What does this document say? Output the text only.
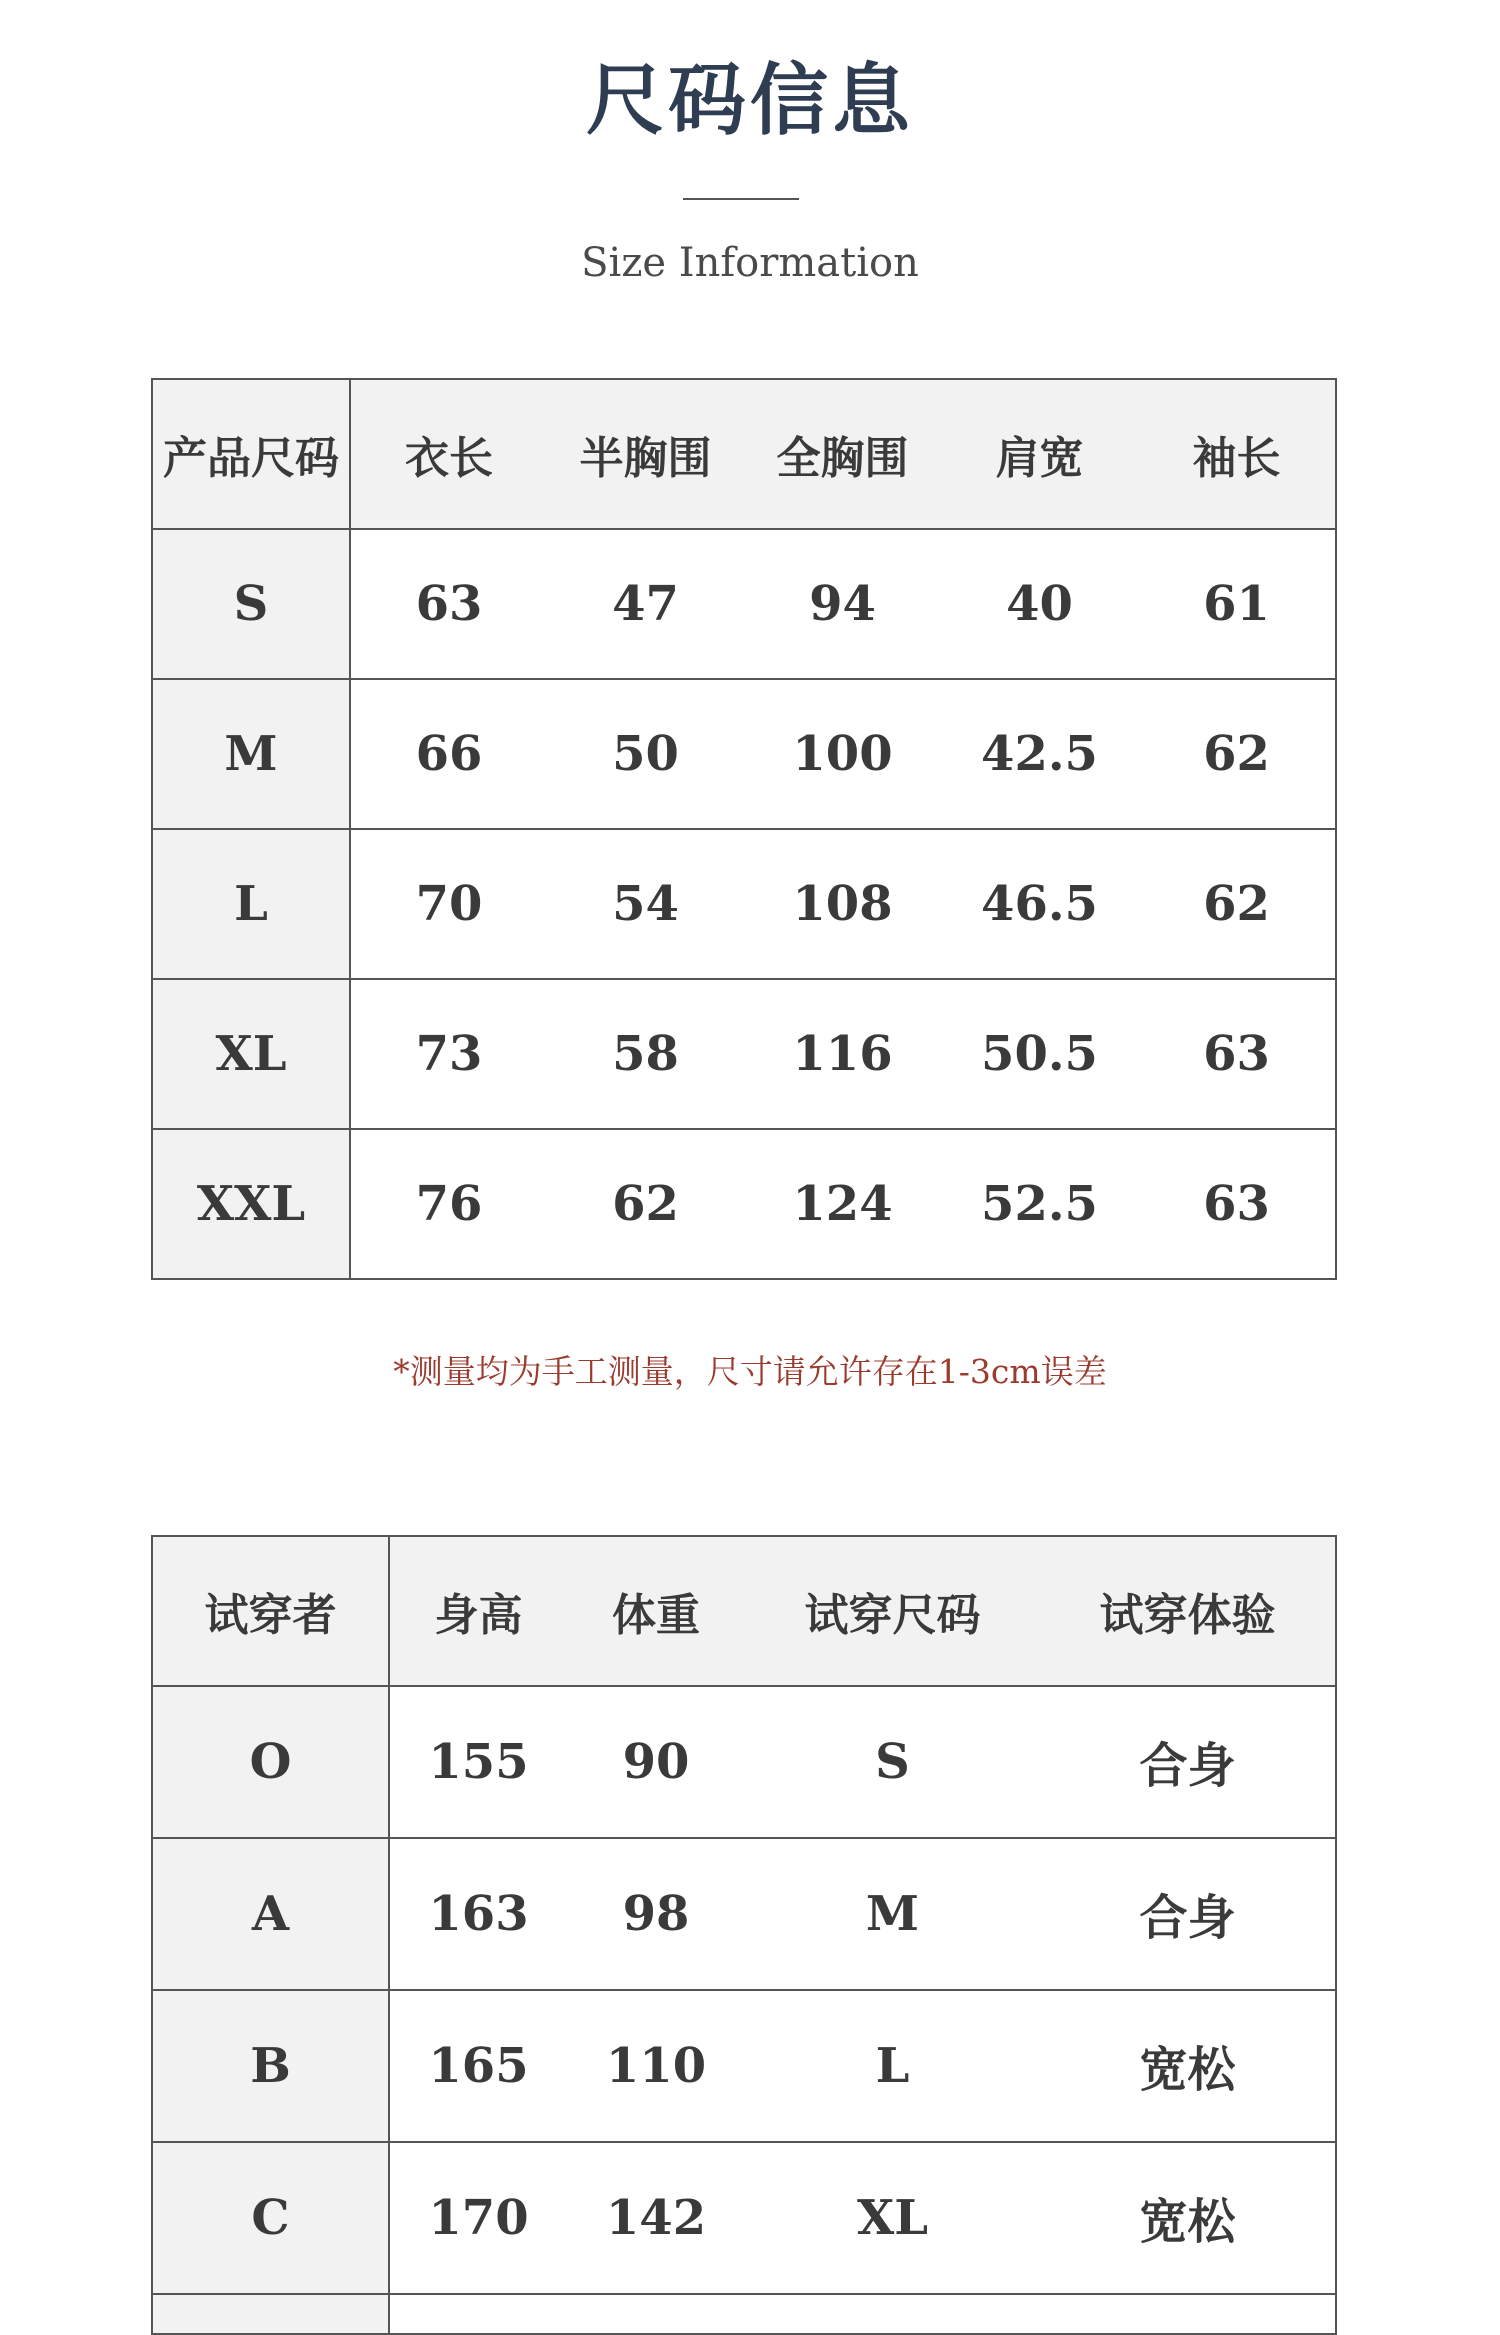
尺码信息
Size Information
产品尺码	衣长	半胸围	全胸围	肩宽	袖长
S	63	47	94	40	61
M	66	50	100	42.5	62
L	70	54	108	46.5	62
XL	73	58	116	50.5	63
XXL	76	62	124	52.5	63
*测量均为手工测量，尺寸请允许存在1-3cm误差
试穿者	身高	体重	试穿尺码	试穿体验
O	155	90	S	合身
A	163	98	M	合身
B	165	110	L	宽松
C	170	142	XL	宽松
